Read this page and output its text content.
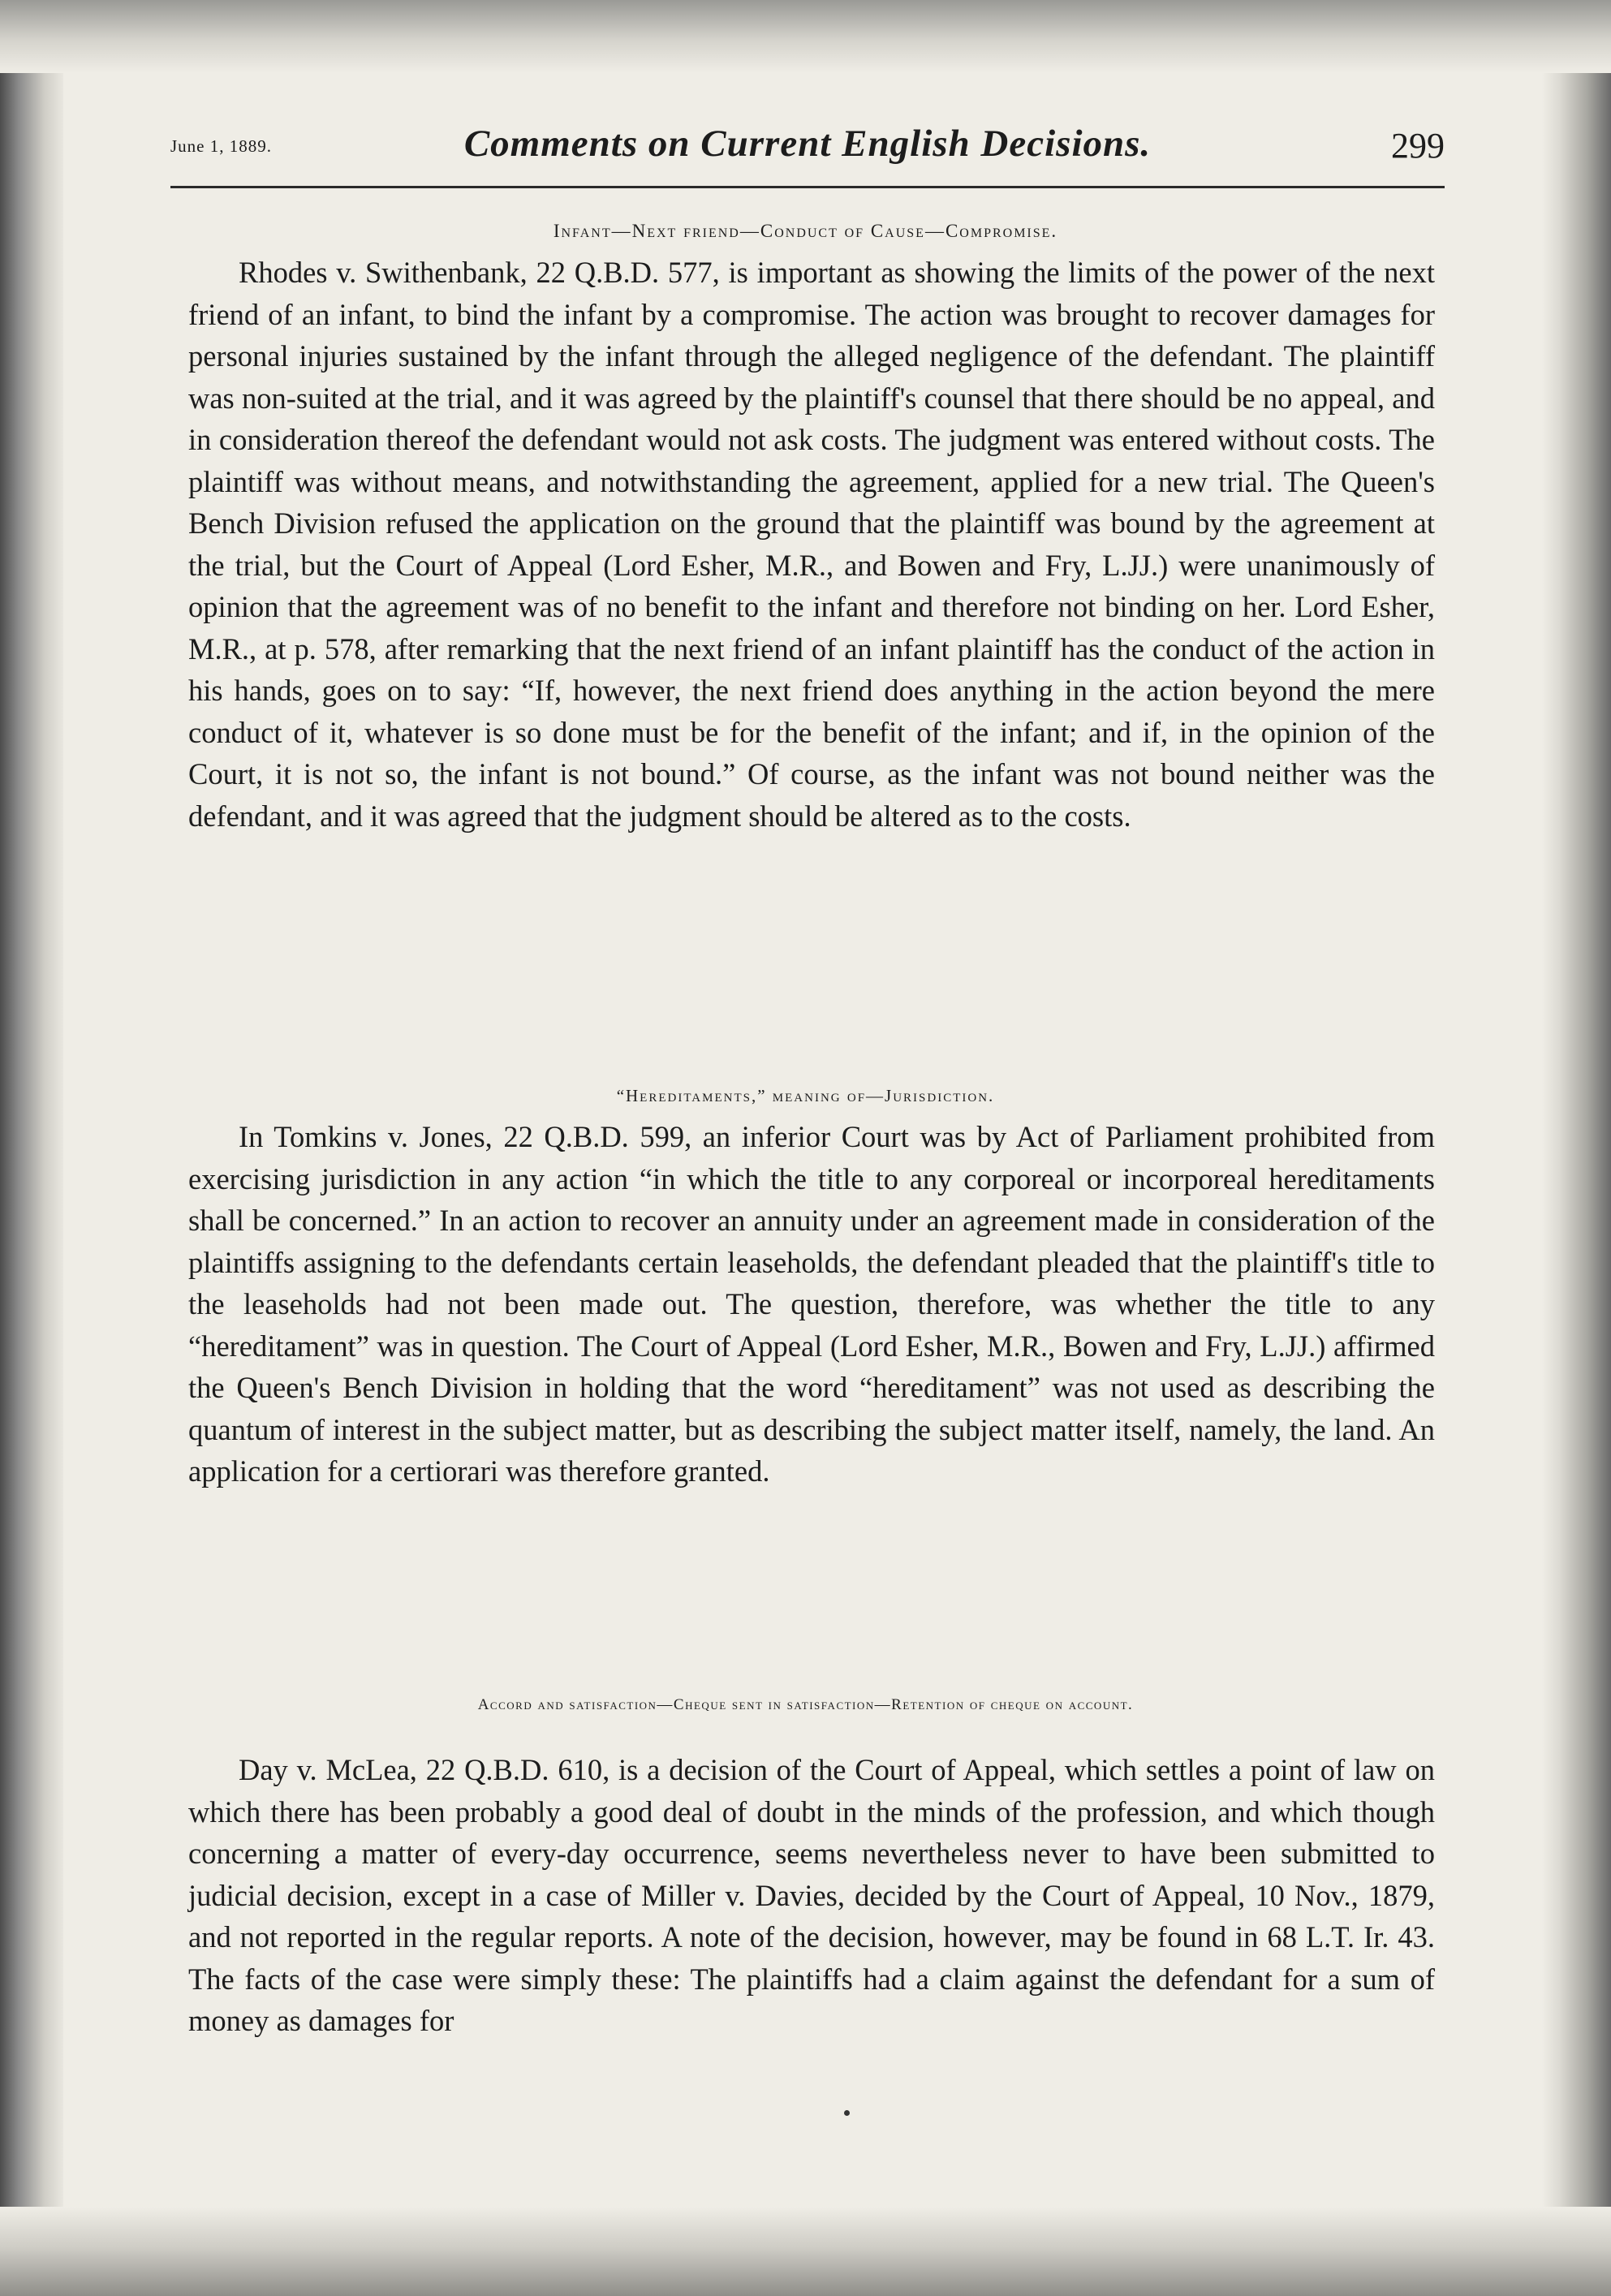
June 1, 1889.	Comments on Current English Decisions.	299
Infant—Next friend—Conduct of Cause—Compromise.

Rhodes v. Swithenbank, 22 Q.B.D. 577, is important as showing the limits of the power of the next friend of an infant, to bind the infant by a compromise. The action was brought to recover damages for personal injuries sustained by the infant through the alleged negligence of the defendant. The plaintiff was non-suited at the trial, and it was agreed by the plaintiff's counsel that there should be no appeal, and in consideration thereof the defendant would not ask costs. The judgment was entered without costs. The plaintiff was without means, and notwithstanding the agreement, applied for a new trial. The Queen's Bench Division refused the application on the ground that the plaintiff was bound by the agreement at the trial, but the Court of Appeal (Lord Esher, M.R., and Bowen and Fry, L.JJ.) were unanimously of opinion that the agreement was of no benefit to the infant and therefore not binding on her. Lord Esher, M.R., at p. 578, after remarking that the next friend of an infant plaintiff has the conduct of the action in his hands, goes on to say: “If, however, the next friend does anything in the action beyond the mere conduct of it, whatever is so done must be for the benefit of the infant; and if, in the opinion of the Court, it is not so, the infant is not bound.” Of course, as the infant was not bound neither was the defendant, and it was agreed that the judgment should be altered as to the costs.

“Hereditaments,” meaning of—Jurisdiction.

In Tomkins v. Jones, 22 Q.B.D. 599, an inferior Court was by Act of Parliament prohibited from exercising jurisdiction in any action “in which the title to any corporeal or incorporeal hereditaments shall be concerned.” In an action to recover an annuity under an agreement made in consideration of the plaintiffs assigning to the defendants certain leaseholds, the defendant pleaded that the plaintiff's title to the leaseholds had not been made out. The question, therefore, was whether the title to any “hereditament” was in question. The Court of Appeal (Lord Esher, M.R., Bowen and Fry, L.JJ.) affirmed the Queen's Bench Division in holding that the word “hereditament” was not used as describing the quantum of interest in the subject matter, but as describing the subject matter itself, namely, the land. An application for a certiorari was therefore granted.

Accord and satisfaction—Cheque sent in satisfaction—Retention of cheque on account.

Day v. McLea, 22 Q.B.D. 610, is a decision of the Court of Appeal, which settles a point of law on which there has been probably a good deal of doubt in the minds of the profession, and which though concerning a matter of every-day occurrence, seems nevertheless never to have been submitted to judicial decision, except in a case of Miller v. Davies, decided by the Court of Appeal, 10 Nov., 1879, and not reported in the regular reports. A note of the decision, however, may be found in 68 L.T. Ir. 43. The facts of the case were simply these: The plaintiffs had a claim against the defendant for a sum of money as damages for
